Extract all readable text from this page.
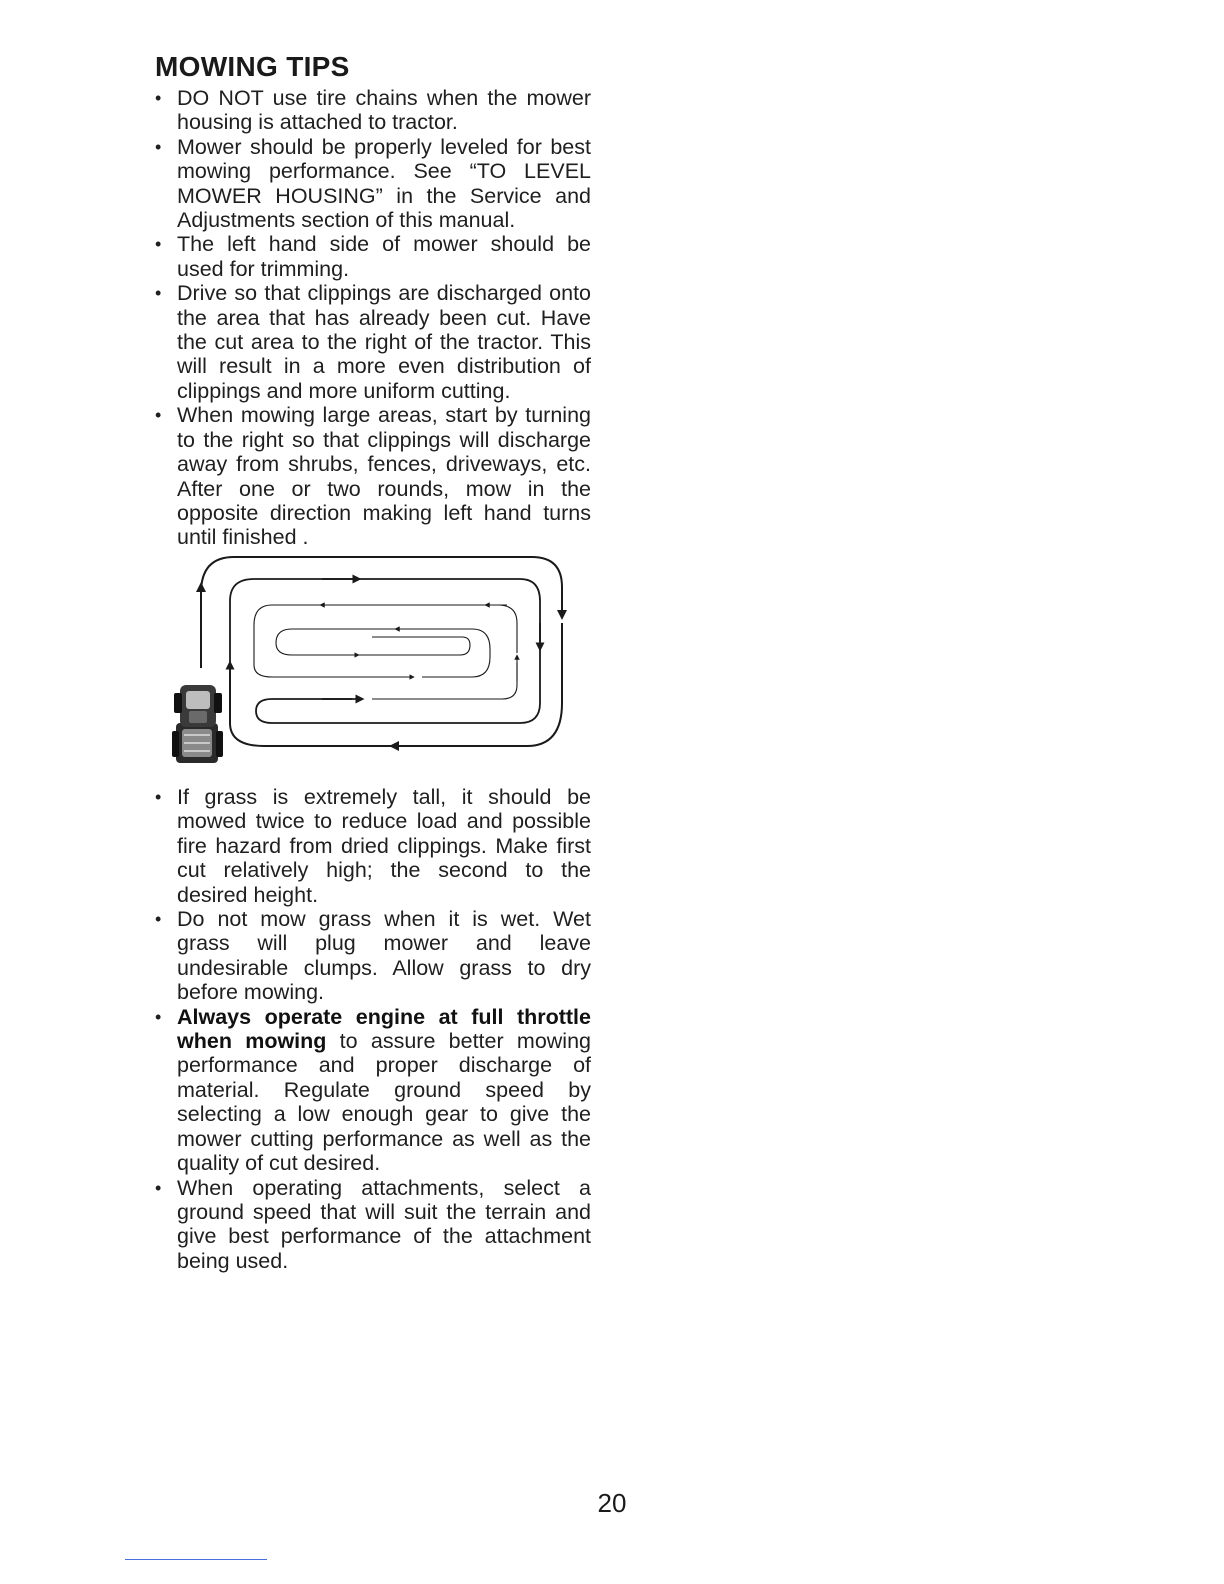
MOWING TIPS
• DO NOT use tire chains when the mower housing is attached to tractor.
• Mower should be properly leveled for best mowing performance. See “TO LEVEL MOWER HOUSING” in the Service and Adjustments section of this manual.
• The left hand side of mower should be used for trimming.
• Drive so that clippings are discharged onto the area that has already been cut. Have the cut area to the right of the tractor. This will result in a more even distribution of clippings and more uniform cutting.
• When mowing large areas, start by turning to the right so that clippings will discharge away from shrubs, fences, driveways, etc. After one or two rounds, mow in the opposite direction making left hand turns until finished .
• If grass is extremely tall, it should be mowed twice to reduce load and possible fire hazard from dried clippings. Make first cut relatively high; the second to the desired height.
• Do not mow grass when it is wet. Wet grass will plug mower and leave undesirable clumps. Allow grass to dry before mowing.
• Always operate engine at full throttle when mowing to assure better mowing performance and proper discharge of material. Regulate ground speed by selecting a low enough gear to give the mower cutting performance as well as the quality of cut desired.
• When operating attachments, select a ground speed that will suit the terrain and give best performance of the attachment being used.
20
